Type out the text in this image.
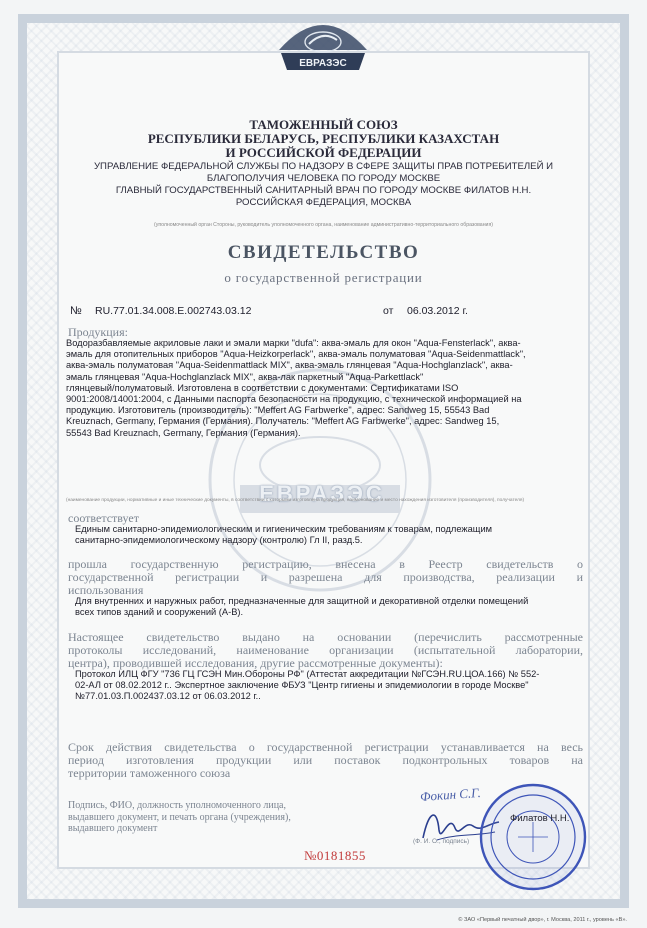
ЕВРАЗЭС
ТАМОЖЕННЫЙ СОЮЗ
РЕСПУБЛИКИ БЕЛАРУСЬ, РЕСПУБЛИКИ КАЗАХСТАН
И РОССИЙСКОЙ ФЕДЕРАЦИИ
УПРАВЛЕНИЕ ФЕДЕРАЛЬНОЙ СЛУЖБЫ ПО НАДЗОРУ В СФЕРЕ ЗАЩИТЫ ПРАВ ПОТРЕБИТЕЛЕЙ И
БЛАГОПОЛУЧИЯ ЧЕЛОВЕКА ПО ГОРОДУ МОСКВЕ
ГЛАВНЫЙ ГОСУДАРСТВЕННЫЙ САНИТАРНЫЙ ВРАЧ ПО ГОРОДУ МОСКВЕ ФИЛАТОВ Н.Н.
РОССИЙСКАЯ ФЕДЕРАЦИЯ, МОСКВА
(уполномоченный орган Стороны, руководитель уполномоченного органа, наименование административно-территориального образования)
СВИДЕТЕЛЬСТВО
о государственной регистрации
№ RU.77.01.34.008.Е.002743.03.12	от 06.03.2012 г.
Продукция:
Водоразбавляемые акриловые лаки и эмали марки "dufa": аква-эмаль для окон "Aqua-Fensterlack", аква-
эмаль для отопительных приборов "Aqua-Heizkorperlack", аква-эмаль полуматовая "Aqua-Seidenmattlack",
аква-эмаль полуматовая "Aqua-Seidenmattlack MIX", аква-эмаль глянцевая "Aqua-Hochglanzlack", аква-
эмаль глянцевая "Aqua-Hochglanzlack MIX", аква-лак паркетный "Aqua-Parkettlack"
глянцевый/полуматовый. Изготовлена в соответствии с документами: Сертификатами ISO
9001:2008/14001:2004, с Данными паспорта безопасности на продукцию, с технической информацией на
продукцию. Изготовитель (производитель): "Meffert AG Farbwerke", адрес: Sandweg 15, 55543 Bad
Kreuznach, Germany, Германия (Германия). Получатель: "Meffert AG Farbwerke", адрес: Sandweg 15,
55543 Bad Kreuznach, Germany, Германия (Германия).
ЕВРАЗЭС
(наименование продукции, нормативные и иные технические документы, в соответствии с которыми изготовлена продукция, наименование и место нахождения изготовителя (производителя), получателя)
соответствует
Единым санитарно-эпидемиологическим и гигиеническим требованиям к товарам, подлежащим
санитарно-эпидемиологическому надзору (контролю) Гл II, разд.5.
прошла государственную регистрацию, внесена в Реестр свидетельств о
государственной регистрации и разрешена для производства, реализации и
использования
Для внутренних и наружных работ, предназначенные для защитной и декоративной отделки помещений
всех типов зданий и сооружений (А-В).
Настоящее свидетельство выдано на основании (перечислить рассмотренные
протоколы исследований, наименование организации (испытательной лаборатории,
центра), проводившей исследования, другие рассмотренные документы):
Протокол ИЛЦ ФГУ "736 ГЦ ГСЭН Мин.Обороны РФ" (Аттестат аккредитации №ГСЭН.RU.ЦОА.166) № 552-
02-АЛ от 08.02.2012 г.. Экспертное заключение ФБУЗ "Центр гигиены и эпидемиологии в городе Москве"
№77.01.03.П.002437.03.12 от 06.03.2012 г..
Срок действия свидетельства о государственной регистрации устанавливается на весь
период изготовления продукции или поставок подконтрольных товаров на
территории таможенного союза
Подпись, ФИО, должность уполномоченного лица,
выдавшего документ, и печать органа (учреждения),
выдавшего документ
Фокин С.Г.
Филатов Н.Н.
(Ф. И. О., подпись)
№0181855
© ЗАО «Первый печатный двор», г. Москва, 2011 г., уровень «В».
